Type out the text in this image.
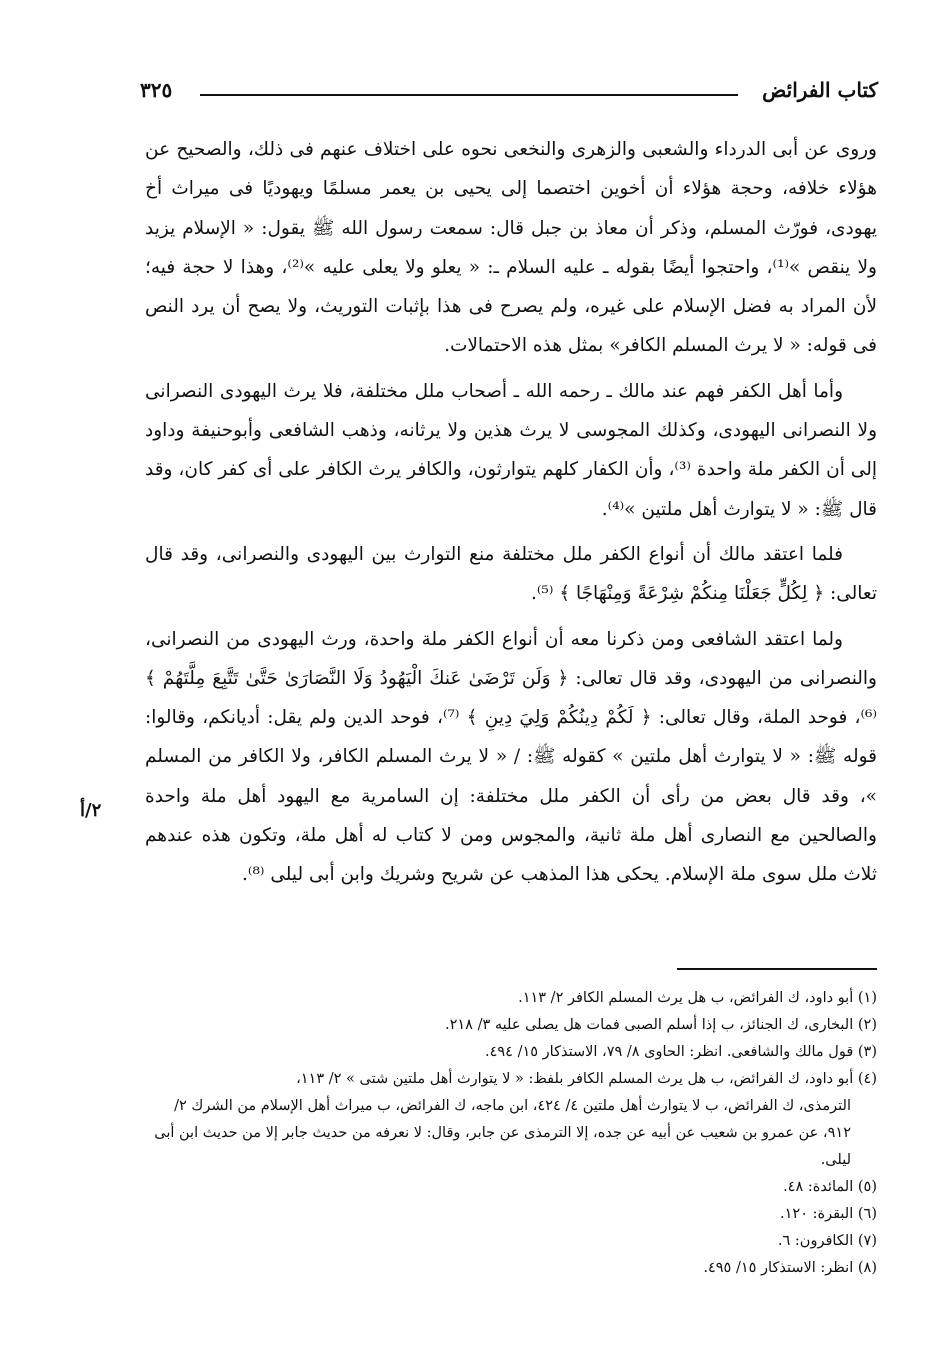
كتاب الفرائض
٣٢٥

وروى عن أبى الدرداء والشعبى والزهرى والنخعى نحوه على اختلاف عنهم فى ذلك، والصحيح عن هؤلاء خلافه، وحجة هؤلاء أن أخوين اختصما إلى يحيى بن يعمر مسلمًا ويهوديًا فى ميراث أخ يهودى، فورّث المسلم، وذكر أن معاذ بن جبل قال: سمعت رسول الله ﷺ يقول: « الإسلام يزيد ولا ينقص »⁽¹⁾، واحتجوا أيضًا بقوله ـ عليه السلام ـ: « يعلو ولا يعلى عليه »⁽²⁾، وهذا لا حجة فيه؛ لأن المراد به فضل الإسلام على غيره، ولم يصرح فى هذا بإثبات التوريث، ولا يصح أن يرد النص فى قوله: « لا يرث المسلم الكافر» بمثل هذه الاحتمالات.

وأما أهل الكفر فهم عند مالك ـ رحمه الله ـ أصحاب ملل مختلفة، فلا يرث اليهودى النصرانى ولا النصرانى اليهودى، وكذلك المجوسى لا يرث هذين ولا يرثانه، وذهب الشافعى وأبوحنيفة وداود إلى أن الكفر ملة واحدة ⁽³⁾، وأن الكفار كلهم يتوارثون، والكافر يرث الكافر على أى كفر كان، وقد قال ﷺ: « لا يتوارث أهل ملتين »⁽⁴⁾.

فلما اعتقد مالك أن أنواع الكفر ملل مختلفة منع التوارث بين اليهودى والنصرانى، وقد قال تعالى: ﴿ لِكُلٍّ جَعَلْنَا مِنكُمْ شِرْعَةً وَمِنْهَاجًا ﴾ ⁽⁵⁾.

ولما اعتقد الشافعى ومن ذكرنا معه أن أنواع الكفر ملة واحدة، ورث اليهودى من النصرانى، والنصرانى من اليهودى، وقد قال تعالى: ﴿ وَلَن تَرْضَىٰ عَنكَ الْيَهُودُ وَلَا النَّصَارَىٰ حَتَّىٰ تَتَّبِعَ مِلَّتَهُمْ ﴾ ⁽⁶⁾، فوحد الملة، وقال تعالى: ﴿ لَكُمْ دِينُكُمْ وَلِيَ دِينِ ﴾ ⁽⁷⁾، فوحد الدين ولم يقل: أديانكم، وقالوا: قوله ﷺ: « لا يتوارث أهل ملتين » كقوله ﷺ: / « لا يرث المسلم الكافر، ولا الكافر من المسلم »، وقد قال بعض من رأى أن الكفر ملل مختلفة: إن السامرية مع اليهود أهل ملة واحدة والصالحين مع النصارى أهل ملة ثانية، والمجوس ومن لا كتاب له أهل ملة، وتكون هذه عندهم ثلاث ملل سوى ملة الإسلام. يحكى هذا المذهب عن شريح وشريك وابن أبى ليلى ⁽⁸⁾.

٢/أ

(١) أبو داود، ك الفرائض، ب هل يرث المسلم الكافر ٢/ ١١٣.

(٢) البخارى، ك الجنائز، ب إذا أسلم الصبى فمات هل يصلى عليه ٣/ ٢١٨.

(٣) قول مالك والشافعى. انظر: الحاوى ٨/ ٧٩، الاستذكار ١٥/ ٤٩٤.

(٤) أبو داود، ك الفرائض، ب هل يرث المسلم الكافر بلفظ: « لا يتوارث أهل ملتين شتى » ٢/ ١١٣،
الترمذى، ك الفرائض، ب لا يتوارث أهل ملتين ٤/ ٤٢٤، ابن ماجه، ك الفرائض، ب ميراث أهل الإسلام من الشرك ٢/ ٩١٢، عن عمرو بن شعيب عن أبيه عن جده، إلا الترمذى عن جابر، وقال: لا نعرفه من حديث جابر إلا من حديث ابن أبى ليلى.

(٥) المائدة: ٤٨.

(٦) البقرة: ١٢٠.

(٧) الكافرون: ٦.

(٨) انظر: الاستذكار ١٥/ ٤٩٥.
